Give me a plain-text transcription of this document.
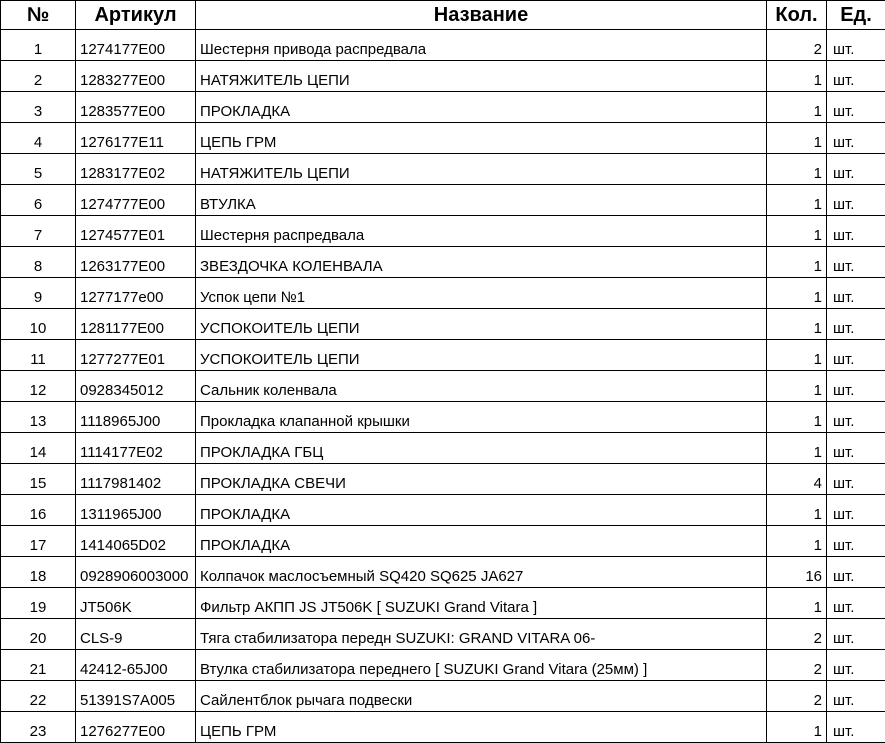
№	Артикул	Название	Кол.	Ед.
1	1274177E00	Шестерня привода распредвала	2	шт.
2	1283277E00	НАТЯЖИТЕЛЬ ЦЕПИ	1	шт.
3	1283577E00	ПРОКЛАДКА	1	шт.
4	1276177E11	ЦЕПЬ ГРМ	1	шт.
5	1283177E02	НАТЯЖИТЕЛЬ ЦЕПИ	1	шт.
6	1274777E00	ВТУЛКА	1	шт.
7	1274577E01	Шестерня распредвала	1	шт.
8	1263177E00	ЗВЕЗДОЧКА КОЛЕНВАЛА	1	шт.
9	1277177e00	Успок цепи №1	1	шт.
10	1281177E00	УСПОКОИТЕЛЬ ЦЕПИ	1	шт.
11	1277277E01	УСПОКОИТЕЛЬ ЦЕПИ	1	шт.
12	0928345012	Сальник коленвала	1	шт.
13	1118965J00	Прокладка клапанной крышки	1	шт.
14	1114177E02	ПРОКЛАДКА ГБЦ	1	шт.
15	1117981402	ПРОКЛАДКА СВЕЧИ	4	шт.
16	1311965J00	ПРОКЛАДКА	1	шт.
17	1414065D02	ПРОКЛАДКА	1	шт.
18	0928906003000	Колпачок маслосъемный SQ420 SQ625 JA627	16	шт.
19	JT506K	Фильтр АКПП JS JT506K [ SUZUKI Grand Vitara ]	1	шт.
20	CLS-9	Тяга стабилизатора передн SUZUKI: GRAND VITARA 06-	2	шт.
21	42412-65J00	Втулка стабилизатора переднего [ SUZUKI Grand Vitara (25мм) ]	2	шт.
22	51391S7A005	Сайлентблок рычага подвески	2	шт.
23	1276277E00	ЦЕПЬ ГРМ	1	шт.
